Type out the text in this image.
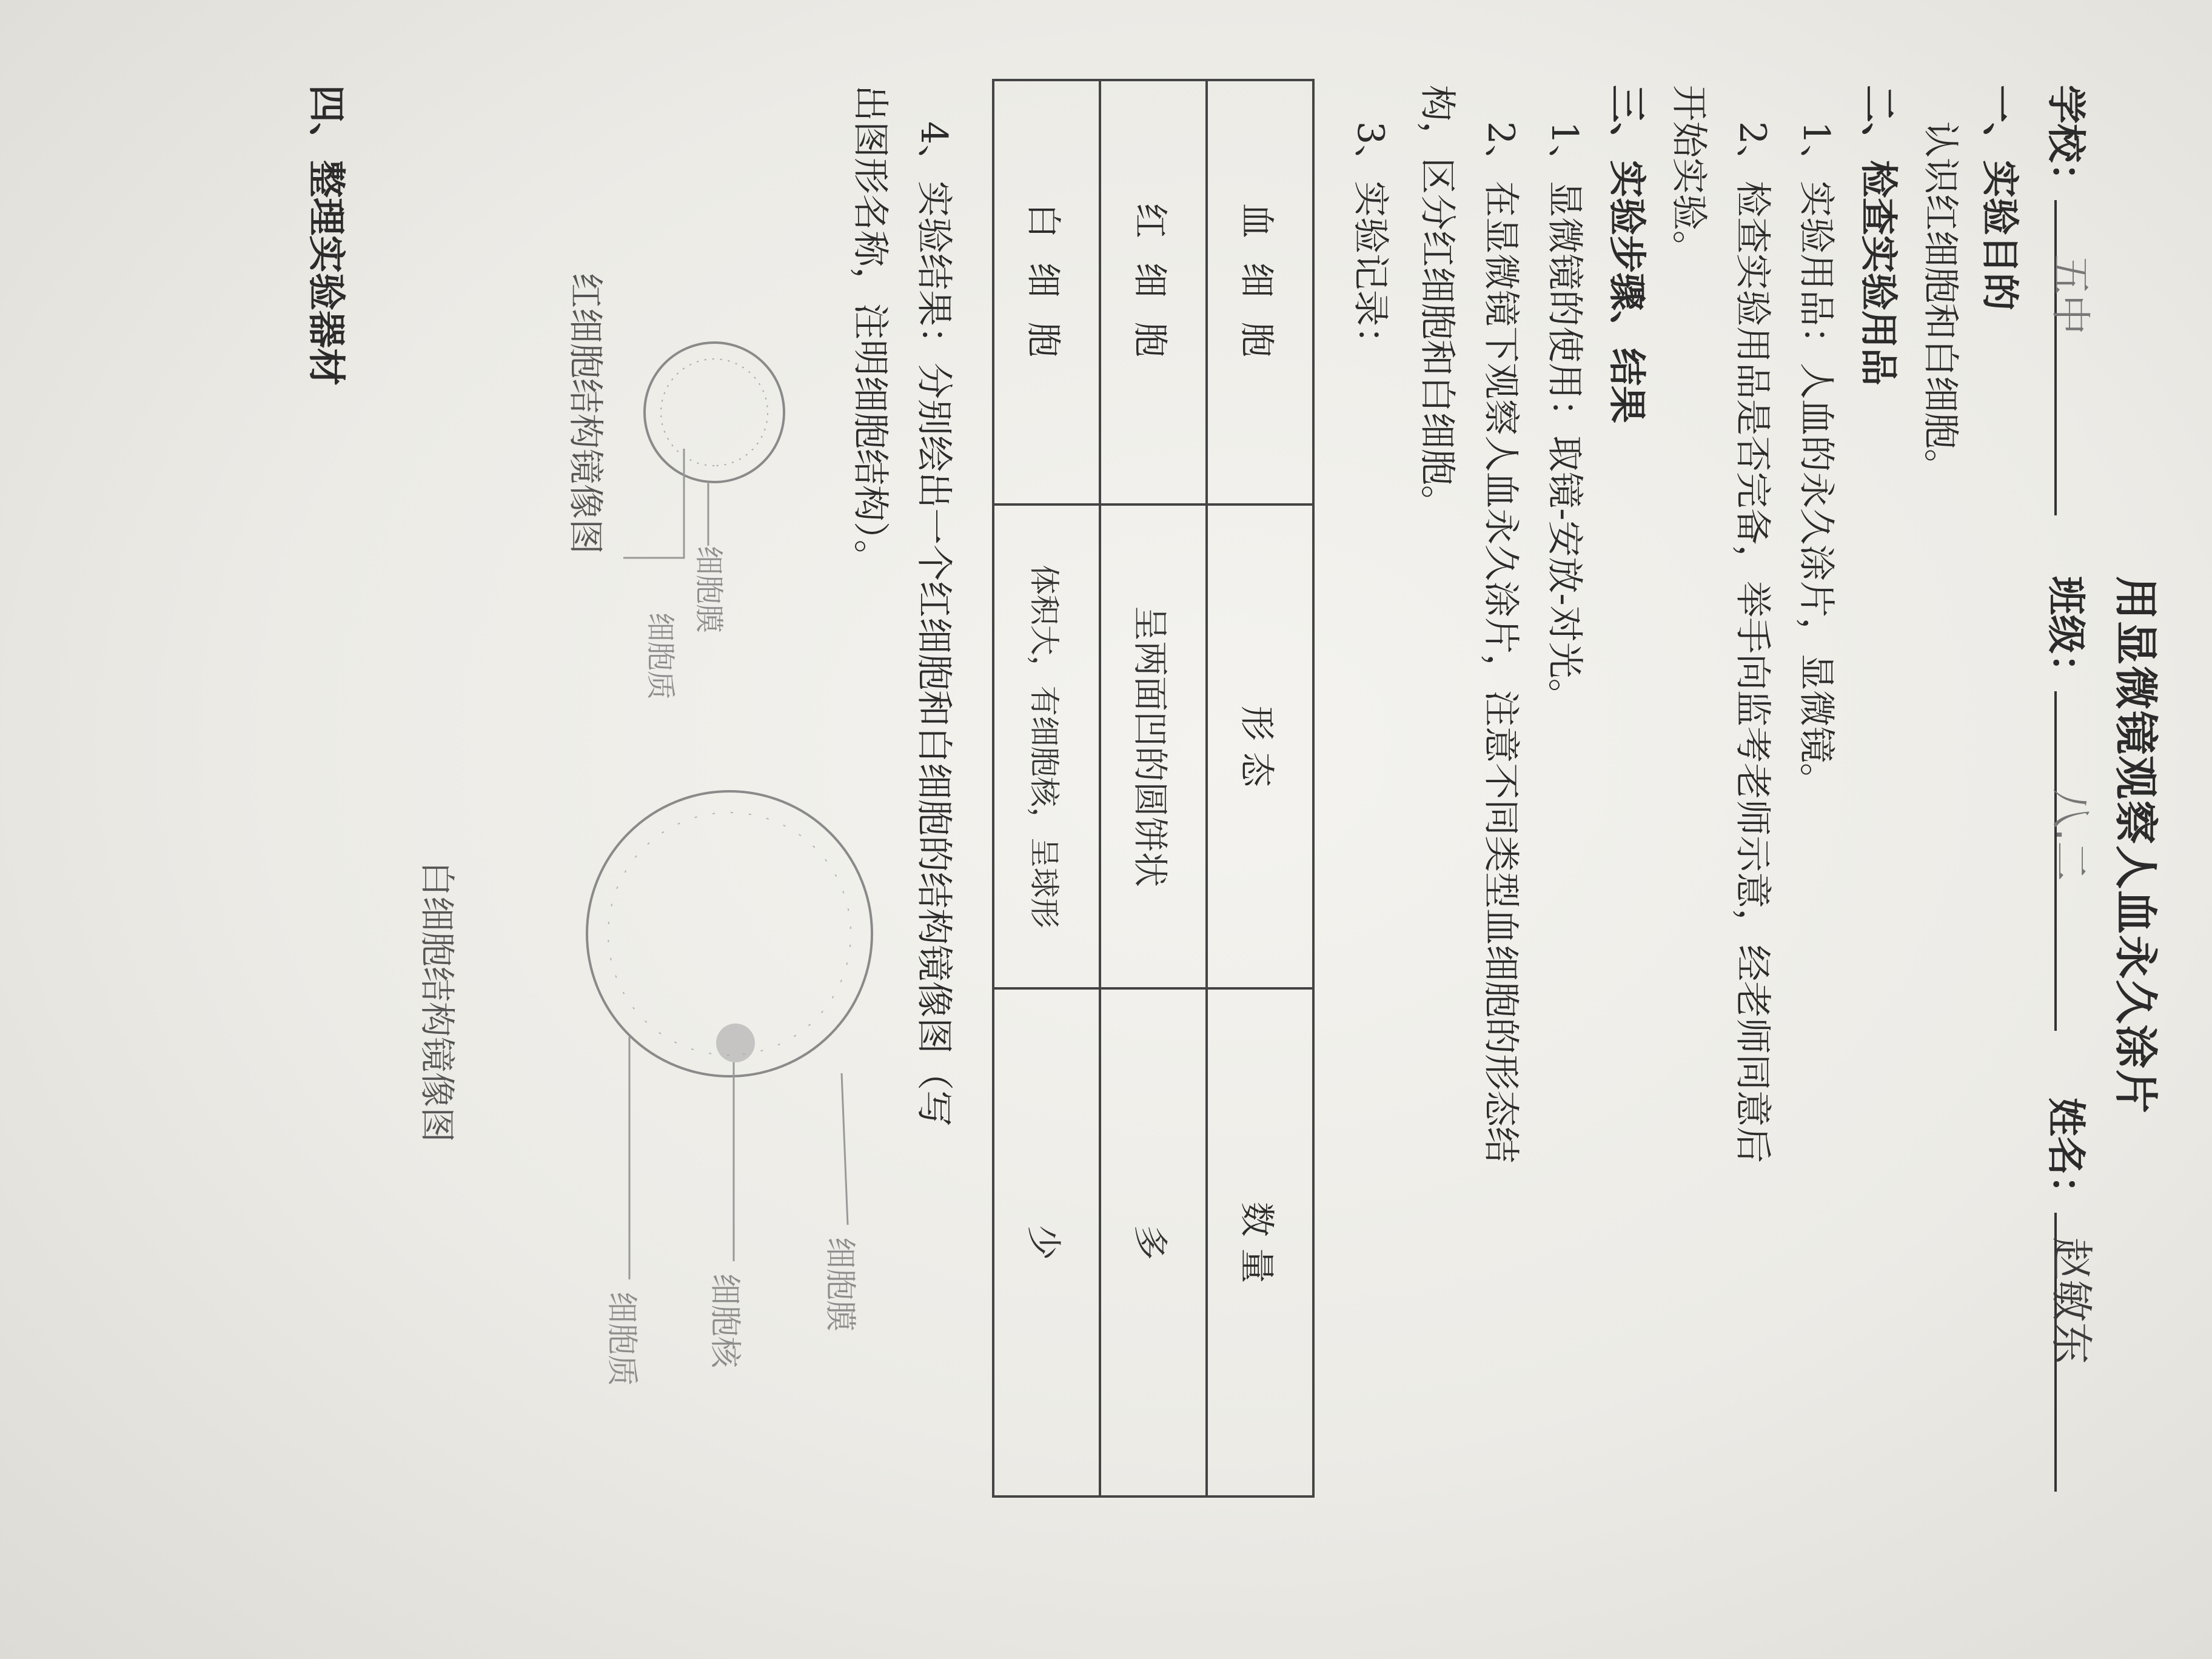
用显微镜观察人血永久涂片
学校：
五中
班级：
八.二
姓名：
赵敏东
一、实验目的
认识红细胞和白细胞。
二、检查实验用品
1、实验用品：人血的永久涂片，显微镜。
2、检查实验用品是否完备，举手向监考老师示意，经老师同意后
开始实验。
三、实验步骤、结果
1、显微镜的使用：取镜-安放-对光。
2、在显微镜下观察人血永久涂片，注意不同类型血细胞的形态结
构，区分红细胞和白细胞。
3、实验记录：
血细胞	形 态	数 量
红细胞	呈两面凹的圆饼状	多
白细胞	体积大，有细胞核，呈球形	少
4、实验结果：分别绘出一个红细胞和白细胞的结构镜像图（写
出图形名称，注明细胞结构）。
细胞膜
细胞质
红细胞结构镜像图
细胞膜
细胞核
细胞质
白细胞结构镜像图
四、整理实验器材
